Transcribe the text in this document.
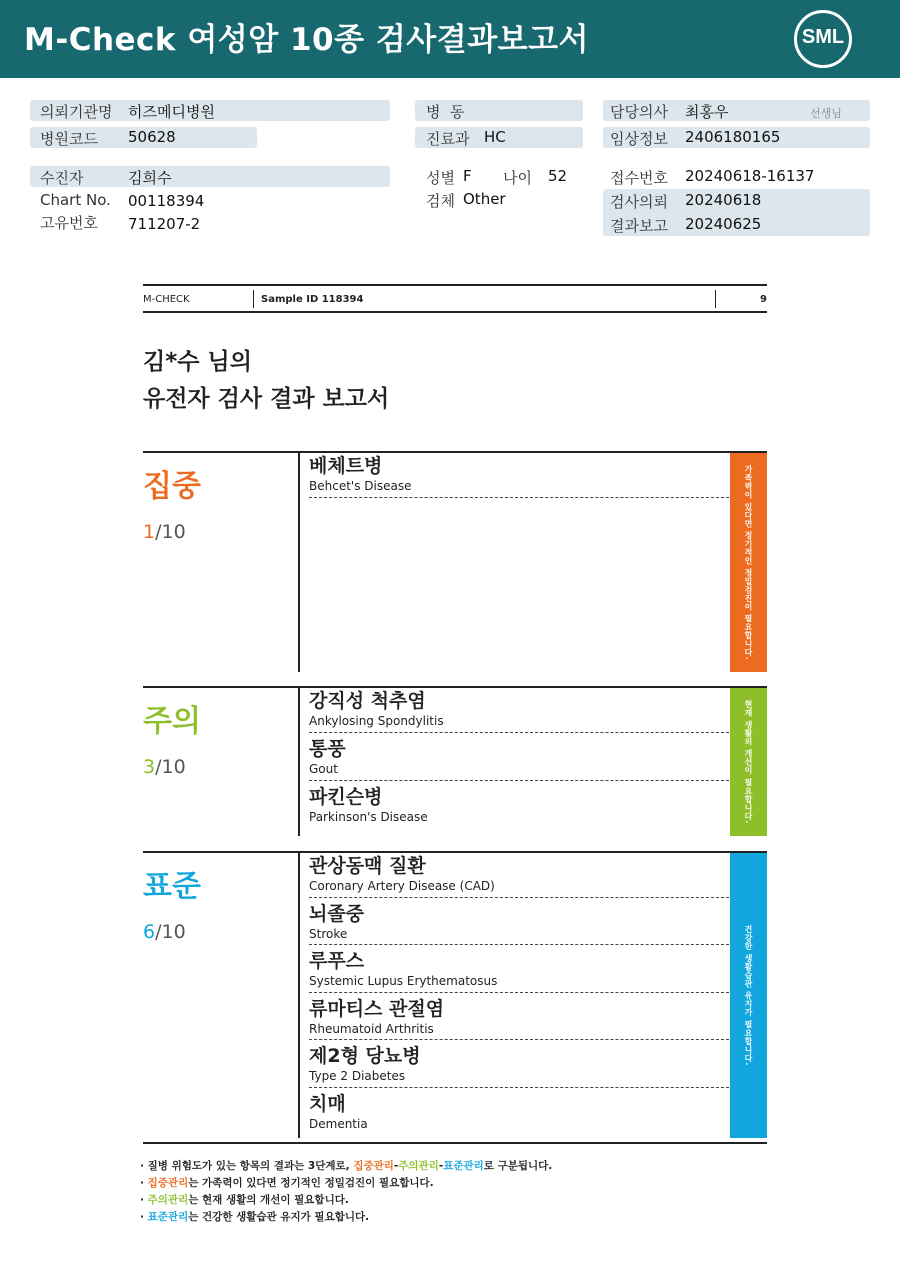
M-Check 여성암 10종 검사결과보고서	SML
의뢰기관명 히즈메디병원
병원코드 50628
병  동
진료과 HC
담당의사 최홍우	선생님
임상정보 2406180165
수진자	김희수
Chart No. 00118394
고유번호 711207-2
성별 F 나이 52
검체 Other
접수번호 20240618-16137
검사의뢰 20240618
결과보고 20240625
M-CHECK	Sample ID 118394	9
김*수 님의
유전자 검사 결과 보고서
집중
1/10	가족력이 있다면 정기적인 정밀검진이 필요합니다.
베체트병
Behcet's Disease
주의
3/10	현재 생활의 개선이 필요합니다.
강직성 척추염
Ankylosing Spondylitis
통풍
Gout
파킨슨병
Parkinson's Disease
표준
6/10	건강한 생활습관 유지가 필요합니다.
관상동맥 질환
Coronary Artery Disease (CAD)
뇌졸중
Stroke
루푸스
Systemic Lupus Erythematosus
류마티스 관절염
Rheumatoid Arthritis
제2형 당뇨병
Type 2 Diabetes
치매
Dementia
· 질병 위험도가 있는 항목의 결과는 3단계로, 집중관리-주의관리-표준관리로 구분됩니다.
· 집중관리는 가족력이 있다면 정기적인 정밀검진이 필요합니다.
· 주의관리는 현재 생활의 개선이 필요합니다.
· 표준관리는 건강한 생활습관 유지가 필요합니다.
